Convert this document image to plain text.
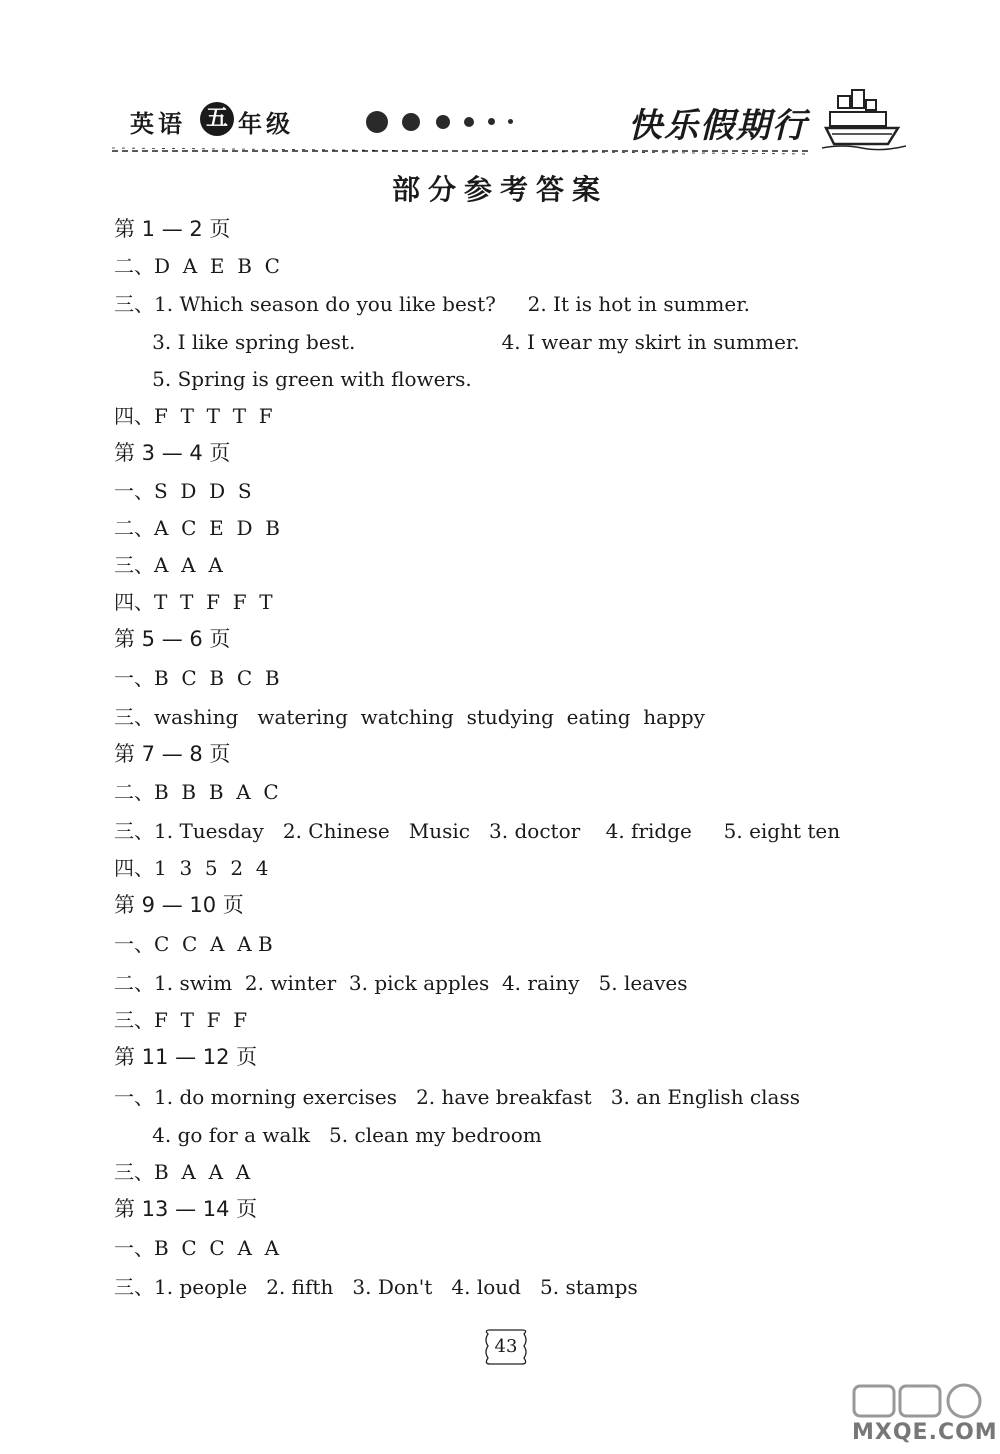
英语 五 年级	快乐假期行
部分参考答案
第 1 — 2 页
二、D  A  E  B  C
三、1. Which season do you like best?     2. It is hot in summer.
3. I like spring best.                       4. I wear my skirt in summer.
5. Spring is green with flowers.
四、F  T  T  T  F
第 3 — 4 页
一、S  D  D  S
二、A  C  E  D  B
三、A  A  A
四、T  T  F  F  T
第 5 — 6 页
一、B  C  B  C  B
三、washing   watering  watching  studying  eating  happy
第 7 — 8 页
二、B  B  B  A  C
三、1. Tuesday   2. Chinese   Music   3. doctor    4. fridge     5. eight ten
四、1  3  5  2  4
第 9 — 10 页
一、C  C  A  A B
二、1. swim  2. winter  3. pick apples  4. rainy   5. leaves
三、F  T  F  F
第 11 — 12 页
一、1. do morning exercises   2. have breakfast   3. an English class
4. go for a walk   5. clean my bedroom
三、B  A  A  A
第 13 — 14 页
一、B  C  C  A  A
三、1. people   2. fifth   3. Don't   4. loud   5. stamps
43
MXQE.COM
